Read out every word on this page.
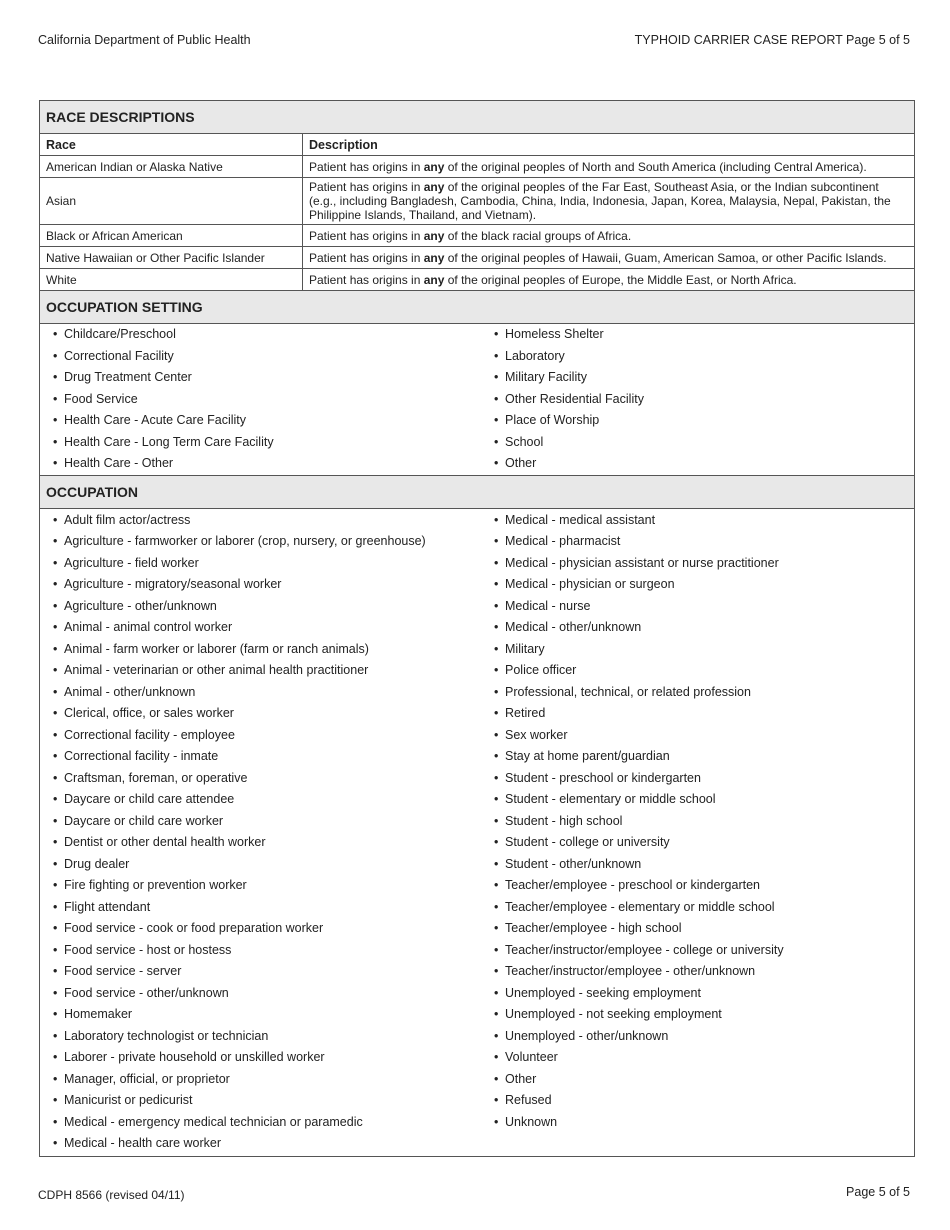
California Department of Public Health	TYPHOID CARRIER CASE REPORT Page 5 of 5
RACE DESCRIPTIONS
Race	Description
American Indian or Alaska Native	Patient has origins in any of the original peoples of North and South America (including Central America).
Asian	Patient has origins in any of the original peoples of the Far East, Southeast Asia, or the Indian subcontinent (e.g., including Bangladesh, Cambodia, China, India, Indonesia, Japan, Korea, Malaysia, Nepal, Pakistan, the Philippine Islands, Thailand, and Vietnam).
Black or African American	Patient has origins in any of the black racial groups of Africa.
Native Hawaiian or Other Pacific Islander	Patient has origins in any of the original peoples of Hawaii, Guam, American Samoa, or other Pacific Islands.
White	Patient has origins in any of the original peoples of Europe, the Middle East, or North Africa.
OCCUPATION SETTING
• Childcare/Preschool
• Correctional Facility
• Drug Treatment Center
• Food Service
• Health Care - Acute Care Facility
• Health Care - Long Term Care Facility
• Health Care - Other
• Homeless Shelter
• Laboratory
• Military Facility
• Other Residential Facility
• Place of Worship
• School
• Other
OCCUPATION
• Adult film actor/actress
• Agriculture - farmworker or laborer (crop, nursery, or greenhouse)
• Agriculture - field worker
• Agriculture - migratory/seasonal worker
• Agriculture - other/unknown
• Animal - animal control worker
• Animal - farm worker or laborer (farm or ranch animals)
• Animal - veterinarian or other animal health practitioner
• Animal - other/unknown
• Clerical, office, or sales worker
• Correctional facility - employee
• Correctional facility - inmate
• Craftsman, foreman, or operative
• Daycare or child care attendee
• Daycare or child care worker
• Dentist or other dental health worker
• Drug dealer
• Fire fighting or prevention worker
• Flight attendant
• Food service - cook or food preparation worker
• Food service - host or hostess
• Food service - server
• Food service - other/unknown
• Homemaker
• Laboratory technologist or technician
• Laborer - private household or unskilled worker
• Manager, official, or proprietor
• Manicurist or pedicurist
• Medical - emergency medical technician or paramedic
• Medical - health care worker
• Medical - medical assistant
• Medical - pharmacist
• Medical - physician assistant or nurse practitioner
• Medical - physician or surgeon
• Medical - nurse
• Medical - other/unknown
• Military
• Police officer
• Professional, technical, or related profession
• Retired
• Sex worker
• Stay at home parent/guardian
• Student - preschool or kindergarten
• Student - elementary or middle school
• Student - high school
• Student - college or university
• Student - other/unknown
• Teacher/employee - preschool or kindergarten
• Teacher/employee - elementary or middle school
• Teacher/employee - high school
• Teacher/instructor/employee - college or university
• Teacher/instructor/employee - other/unknown
• Unemployed - seeking employment
• Unemployed - not seeking employment
• Unemployed - other/unknown
• Volunteer
• Other
• Refused
• Unknown
CDPH 8566 (revised 04/11)	Page 5 of 5
